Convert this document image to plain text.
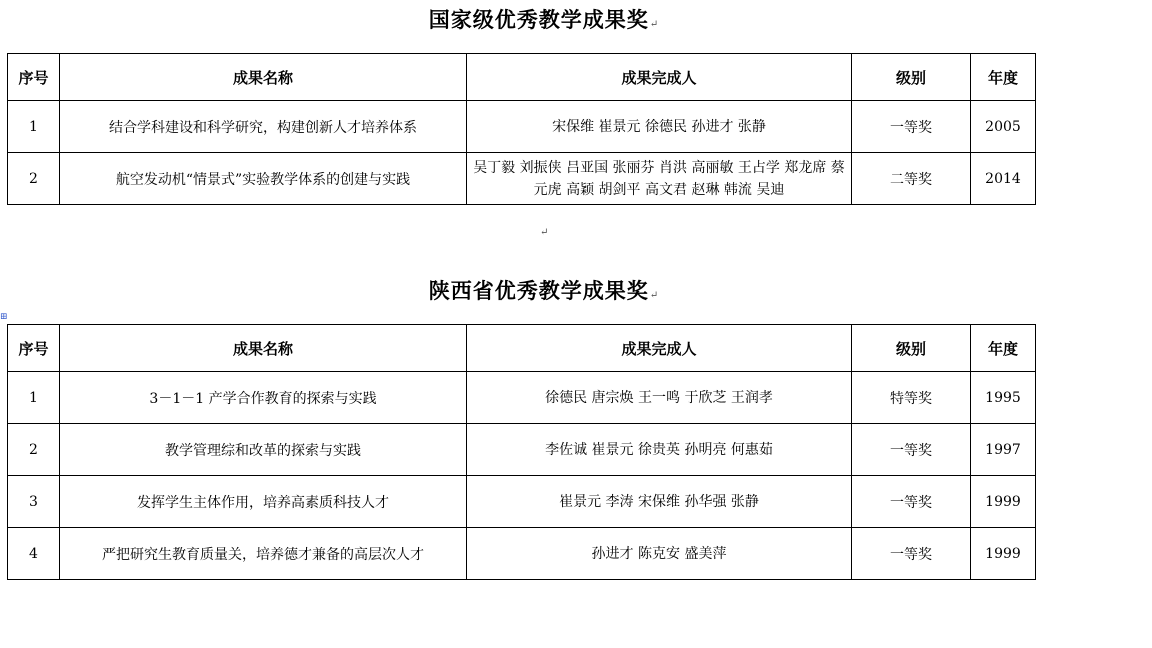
国家级优秀教学成果奖↵
序号	成果名称	成果完成人	级别	年度
1	结合学科建设和科学研究，构建创新人才培养体系	宋保维 崔景元 徐德民 孙进才 张静	一等奖	2005
2	航空发动机“情景式”实验教学体系的创建与实践	吴丁毅 刘振侠 吕亚国 张丽芬 肖洪 高丽敏 王占学 郑龙席 蔡元虎 高颖 胡剑平 高文君 赵琳 韩流 吴迪	二等奖	2014
↵
陕西省优秀教学成果奖↵
⊞
序号	成果名称	成果完成人	级别	年度
1	3－1－1 产学合作教育的探索与实践	徐德民 唐宗焕 王一鸣 于欣芝 王润孝	特等奖	1995
2	教学管理综和改革的探索与实践	李佐诚 崔景元 徐贵英 孙明亮 何惠茹	一等奖	1997
3	发挥学生主体作用，培养高素质科技人才	崔景元 李涛 宋保维 孙华强 张静	一等奖	1999
4	严把研究生教育质量关，培养德才兼备的高层次人才	孙进才 陈克安 盛美萍	一等奖	1999
